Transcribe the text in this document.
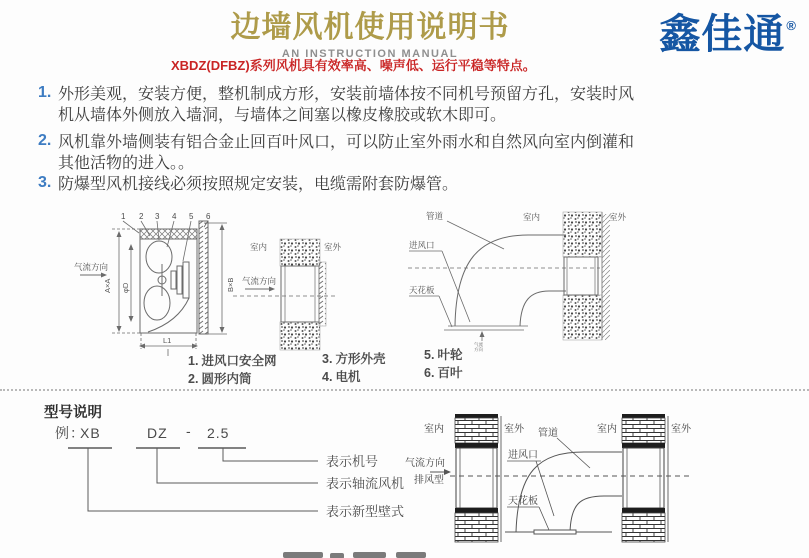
边墙风机使用说明书
AN INSTRUCTION MANUAL
XBDZ(DFBZ)系列风机具有效率高、噪声低、运行平稳等特点。
鑫佳通®
1. 外形美观，安装方便，整机制成方形，安装前墙体按不同机号预留方孔，安装时风机从墙体外侧放入墙洞，与墙体之间塞以橡皮橡胶或软木即可。
2. 风机靠外墙侧装有铝合金止回百叶风口，可以防止室外雨水和自然风向室内倒灌和其他活物的进入。。
3. 防爆型风机接线必须按照规定安装，电缆需附套防爆管。
1 2 3 4 5 6
气流方向
A×A φD	B×B
L1
室内	室外
气流方向
管道
进风口
天花板
室内	室外
气流
方向
1. 进风口安全网
2. 圆形内筒
3. 方形外壳
4. 电机
5. 叶轮
6. 百叶
型号说明
例：
XB	DZ - 2.5
表示机号
表示轴流风机
表示新型壁式
室内	室外	室内	室外
气流方向
排风型
管道
进风口
天花板
